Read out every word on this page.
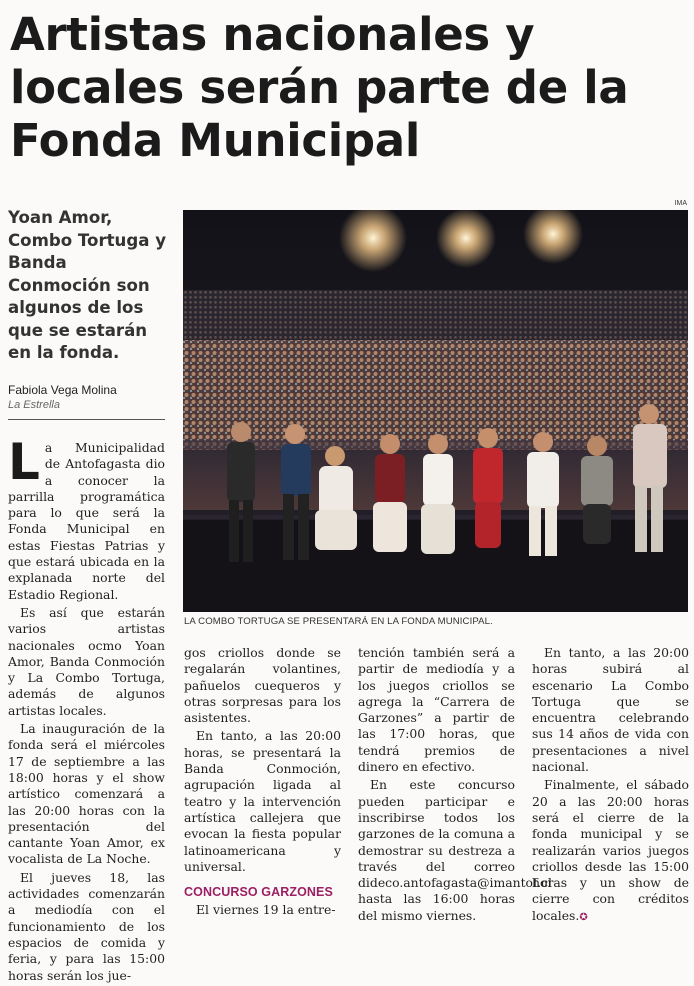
Artistas nacionales y locales serán parte de la Fonda Municipal
Yoan Amor, Combo Tortuga y Banda Conmoción son algunos de los que se estarán en la fonda.
Fabiola Vega Molina
La Estrella
IMA
LA COMBO TORTUGA SE PRESENTARÁ EN LA FONDA MUNICIPAL.

La Municipalidad de Antofagasta dio a conocer la parrilla programática para lo que será la Fonda Municipal en estas Fiestas Patrias y que estará ubicada en la explanada norte del Estadio Regional.

Es así que estarán varios artistas nacionales ocmo Yoan Amor, Banda Conmoción y La Combo Tortuga, además de algunos artistas locales.

La inauguración de la fonda será el miércoles 17 de septiembre a las 18:00 horas y el show artístico comenzará a las 20:00 horas con la presentación del cantante Yoan Amor, ex vocalista de La Noche.

El jueves 18, las actividades comenzarán a mediodía con el funcionamiento de los espacios de comida y feria, y para las 15:00 horas serán los jue-

gos criollos donde se regalarán volantines, pañuelos cuequeros y otras sorpresas para los asistentes.

En tanto, a las 20:00 horas, se presentará la Banda Conmoción, agrupación ligada al teatro y la intervención artística callejera que evocan la fiesta popular latinoamericana y universal.

CONCURSO GARZONES

El viernes 19 la entre-

tención también será a partir de mediodía y a los juegos criollos se agrega la “Carrera de Garzones” a partir de las 17:00 horas, que tendrá premios de dinero en efectivo.

En este concurso pueden participar e inscribirse todos los garzones de la comuna a demostrar su destreza a través del correo dideco.antofagasta@imantof.cl hasta las 16:00 horas del mismo viernes.

En tanto, a las 20:00 horas subirá al escenario La Combo Tortuga que se encuentra celebrando sus 14 años de vida con presentaciones a nivel nacional.

Finalmente, el sábado 20 a las 20:00 horas será el cierre de la fonda municipal y se realizarán varios juegos criollos desde las 15:00 horas y un show de cierre con créditos locales.✪
